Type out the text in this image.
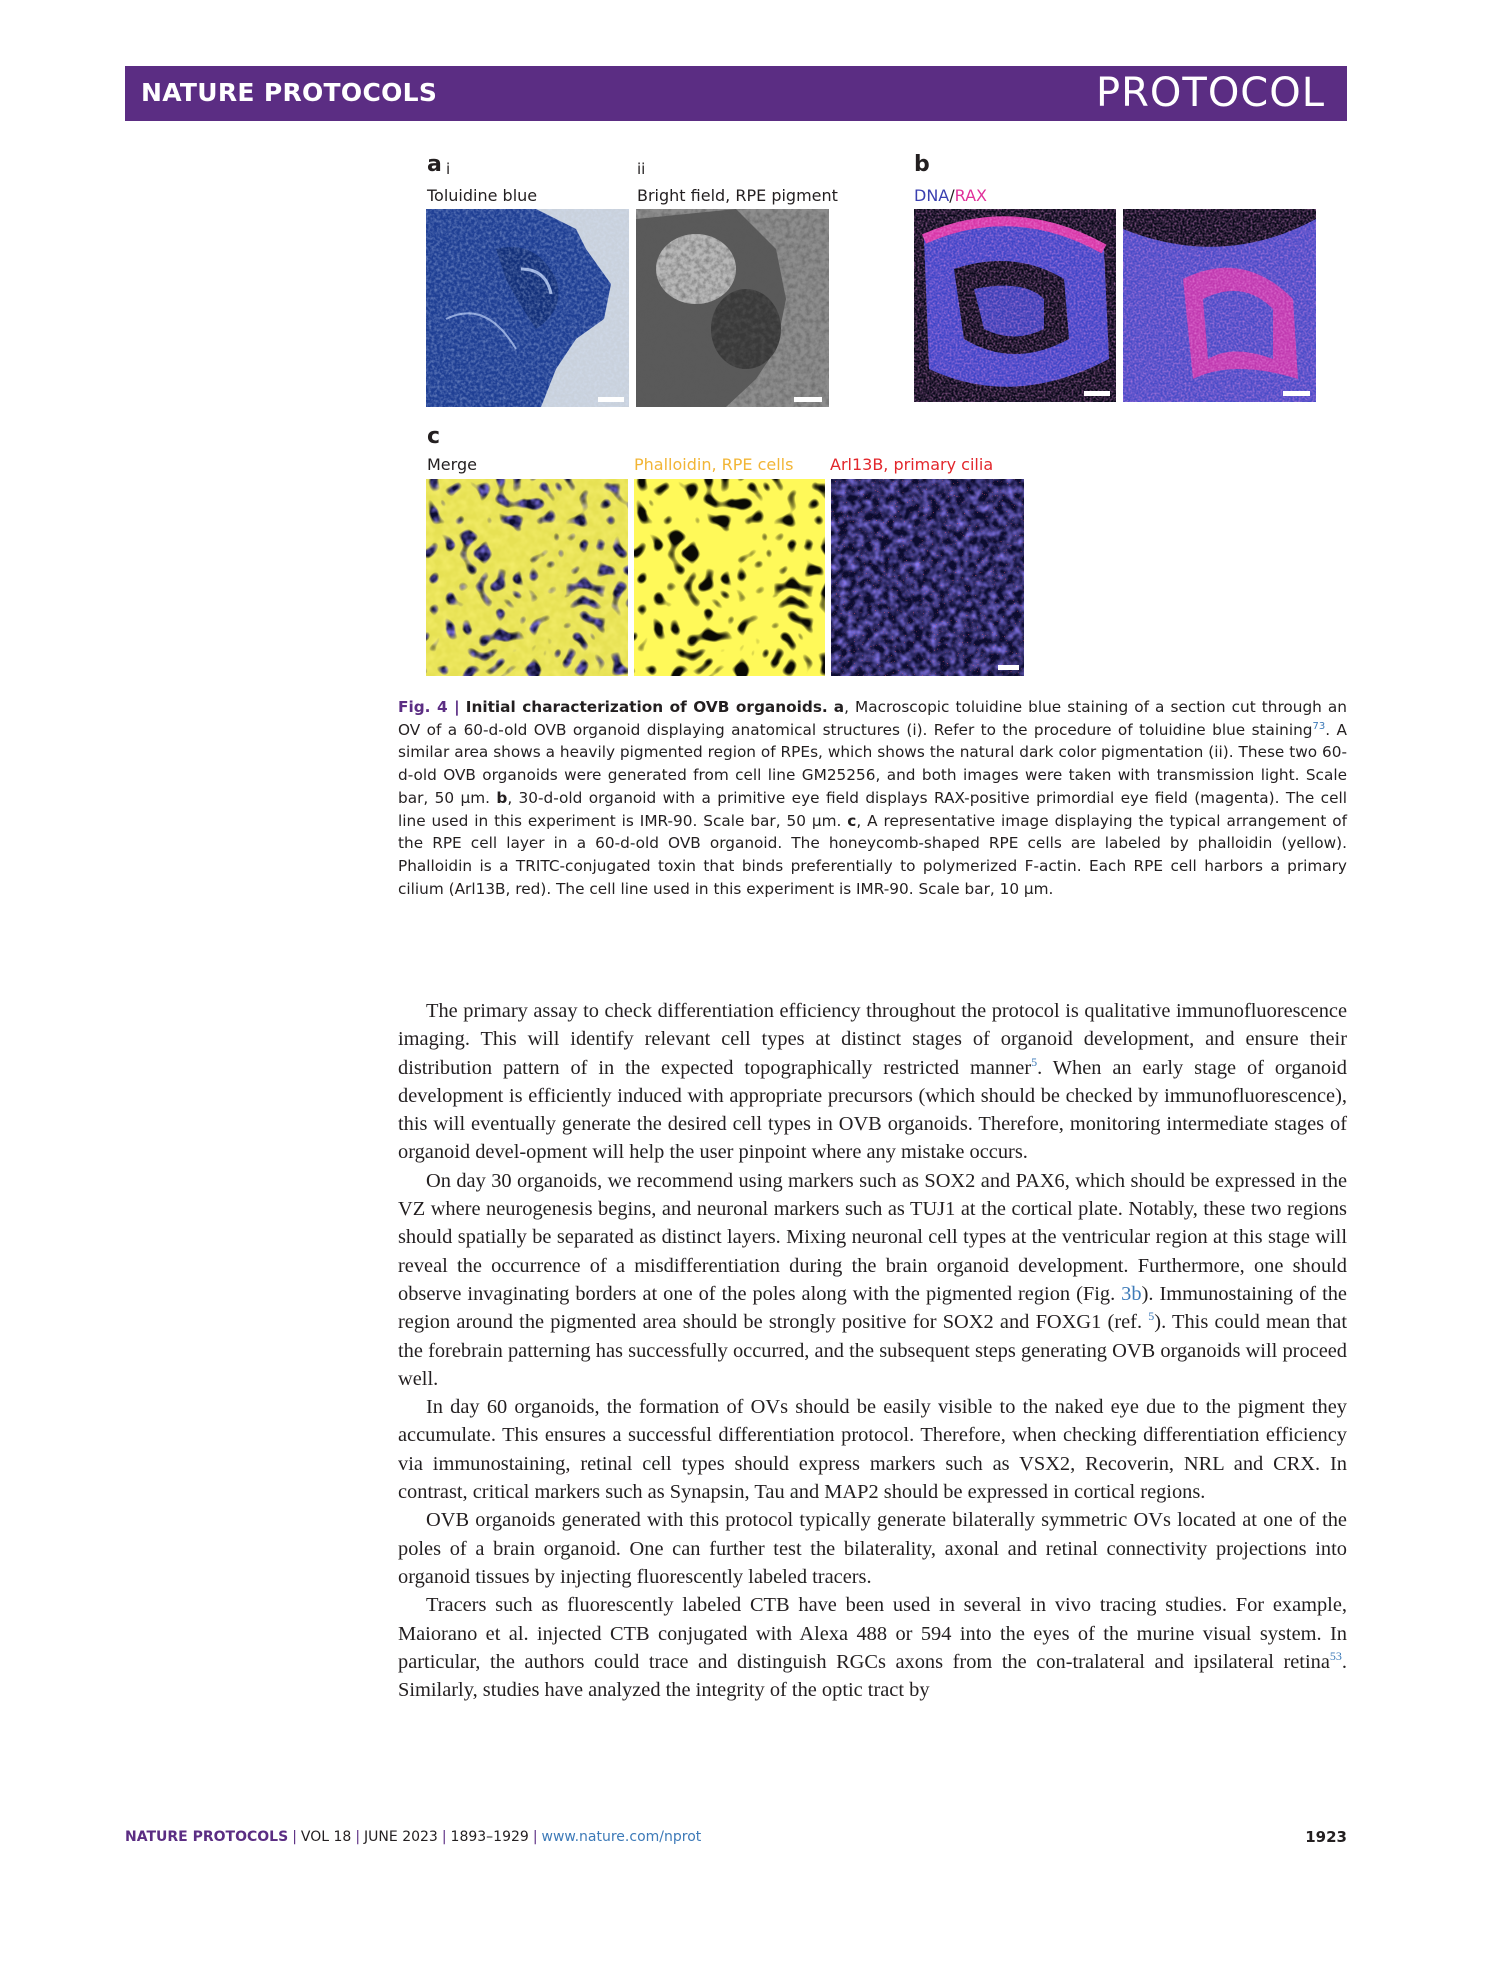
NATURE PROTOCOLS	PROTOCOL
a i	ii
Toluidine blue	Bright field, RPE pigment
b
DNA/RAX
c
Merge	Phalloidin, RPE cells Arl13B, primary cilia
Fig. 4 | Initial characterization of OVB organoids. a, Macroscopic toluidine blue staining of a section cut through an OV of a 60-d-old OVB organoid displaying anatomical structures (i). Refer to the procedure of toluidine blue staining$^{73}$. A similar area shows a heavily pigmented region of RPEs, which shows the natural dark color pigmentation (ii). These two 60-d-old OVB organoids were generated from cell line GM25256, and both images were taken with transmission light. Scale bar, 50 μm. b, 30-d-old organoid with a primitive eye field displays RAX-positive primordial eye field (magenta). The cell line used in this experiment is IMR-90. Scale bar, 50 μm. c, A representative image displaying the typical arrangement of the RPE cell layer in a 60-d-old OVB organoid. The honeycomb-shaped RPE cells are labeled by phalloidin (yellow). Phalloidin is a TRITC-conjugated toxin that binds preferentially to polymerized F-actin. Each RPE cell harbors a primary cilium (Arl13B, red). The cell line used in this experiment is IMR-90. Scale bar, 10 μm.

The primary assay to check differentiation efficiency throughout the protocol is qualitative immunofluorescence imaging. This will identify relevant cell types at distinct stages of organoid development, and ensure their distribution pattern of in the expected topographically restricted manner$^5$. When an early stage of organoid development is efficiently induced with appropriate precursors (which should be checked by immunofluorescence), this will eventually generate the desired cell types in OVB organoids. Therefore, monitoring intermediate stages of organoid devel-opment will help the user pinpoint where any mistake occurs.

On day 30 organoids, we recommend using markers such as SOX2 and PAX6, which should be expressed in the VZ where neurogenesis begins, and neuronal markers such as TUJ1 at the cortical plate. Notably, these two regions should spatially be separated as distinct layers. Mixing neuronal cell types at the ventricular region at this stage will reveal the occurrence of a misdifferentiation during the brain organoid development. Furthermore, one should observe invaginating borders at one of the poles along with the pigmented region (Fig. 3b). Immunostaining of the region around the pigmented area should be strongly positive for SOX2 and FOXG1 (ref. $^5$). This could mean that the forebrain patterning has successfully occurred, and the subsequent steps generating OVB organoids will proceed well.

In day 60 organoids, the formation of OVs should be easily visible to the naked eye due to the pigment they accumulate. This ensures a successful differentiation protocol. Therefore, when checking differentiation efficiency via immunostaining, retinal cell types should express markers such as VSX2, Recoverin, NRL and CRX. In contrast, critical markers such as Synapsin, Tau and MAP2 should be expressed in cortical regions.

OVB organoids generated with this protocol typically generate bilaterally symmetric OVs located at one of the poles of a brain organoid. One can further test the bilaterality, axonal and retinal connectivity projections into organoid tissues by injecting fluorescently labeled tracers.

Tracers such as fluorescently labeled CTB have been used in several in vivo tracing studies. For example, Maiorano et al. injected CTB conjugated with Alexa 488 or 594 into the eyes of the murine visual system. In particular, the authors could trace and distinguish RGCs axons from the con-tralateral and ipsilateral retina$^{53}$. Similarly, studies have analyzed the integrity of the optic tract by

NATURE PROTOCOLS | VOL 18 | JUNE 2023 | 1893–1929 | www.nature.com/nprot	1923
